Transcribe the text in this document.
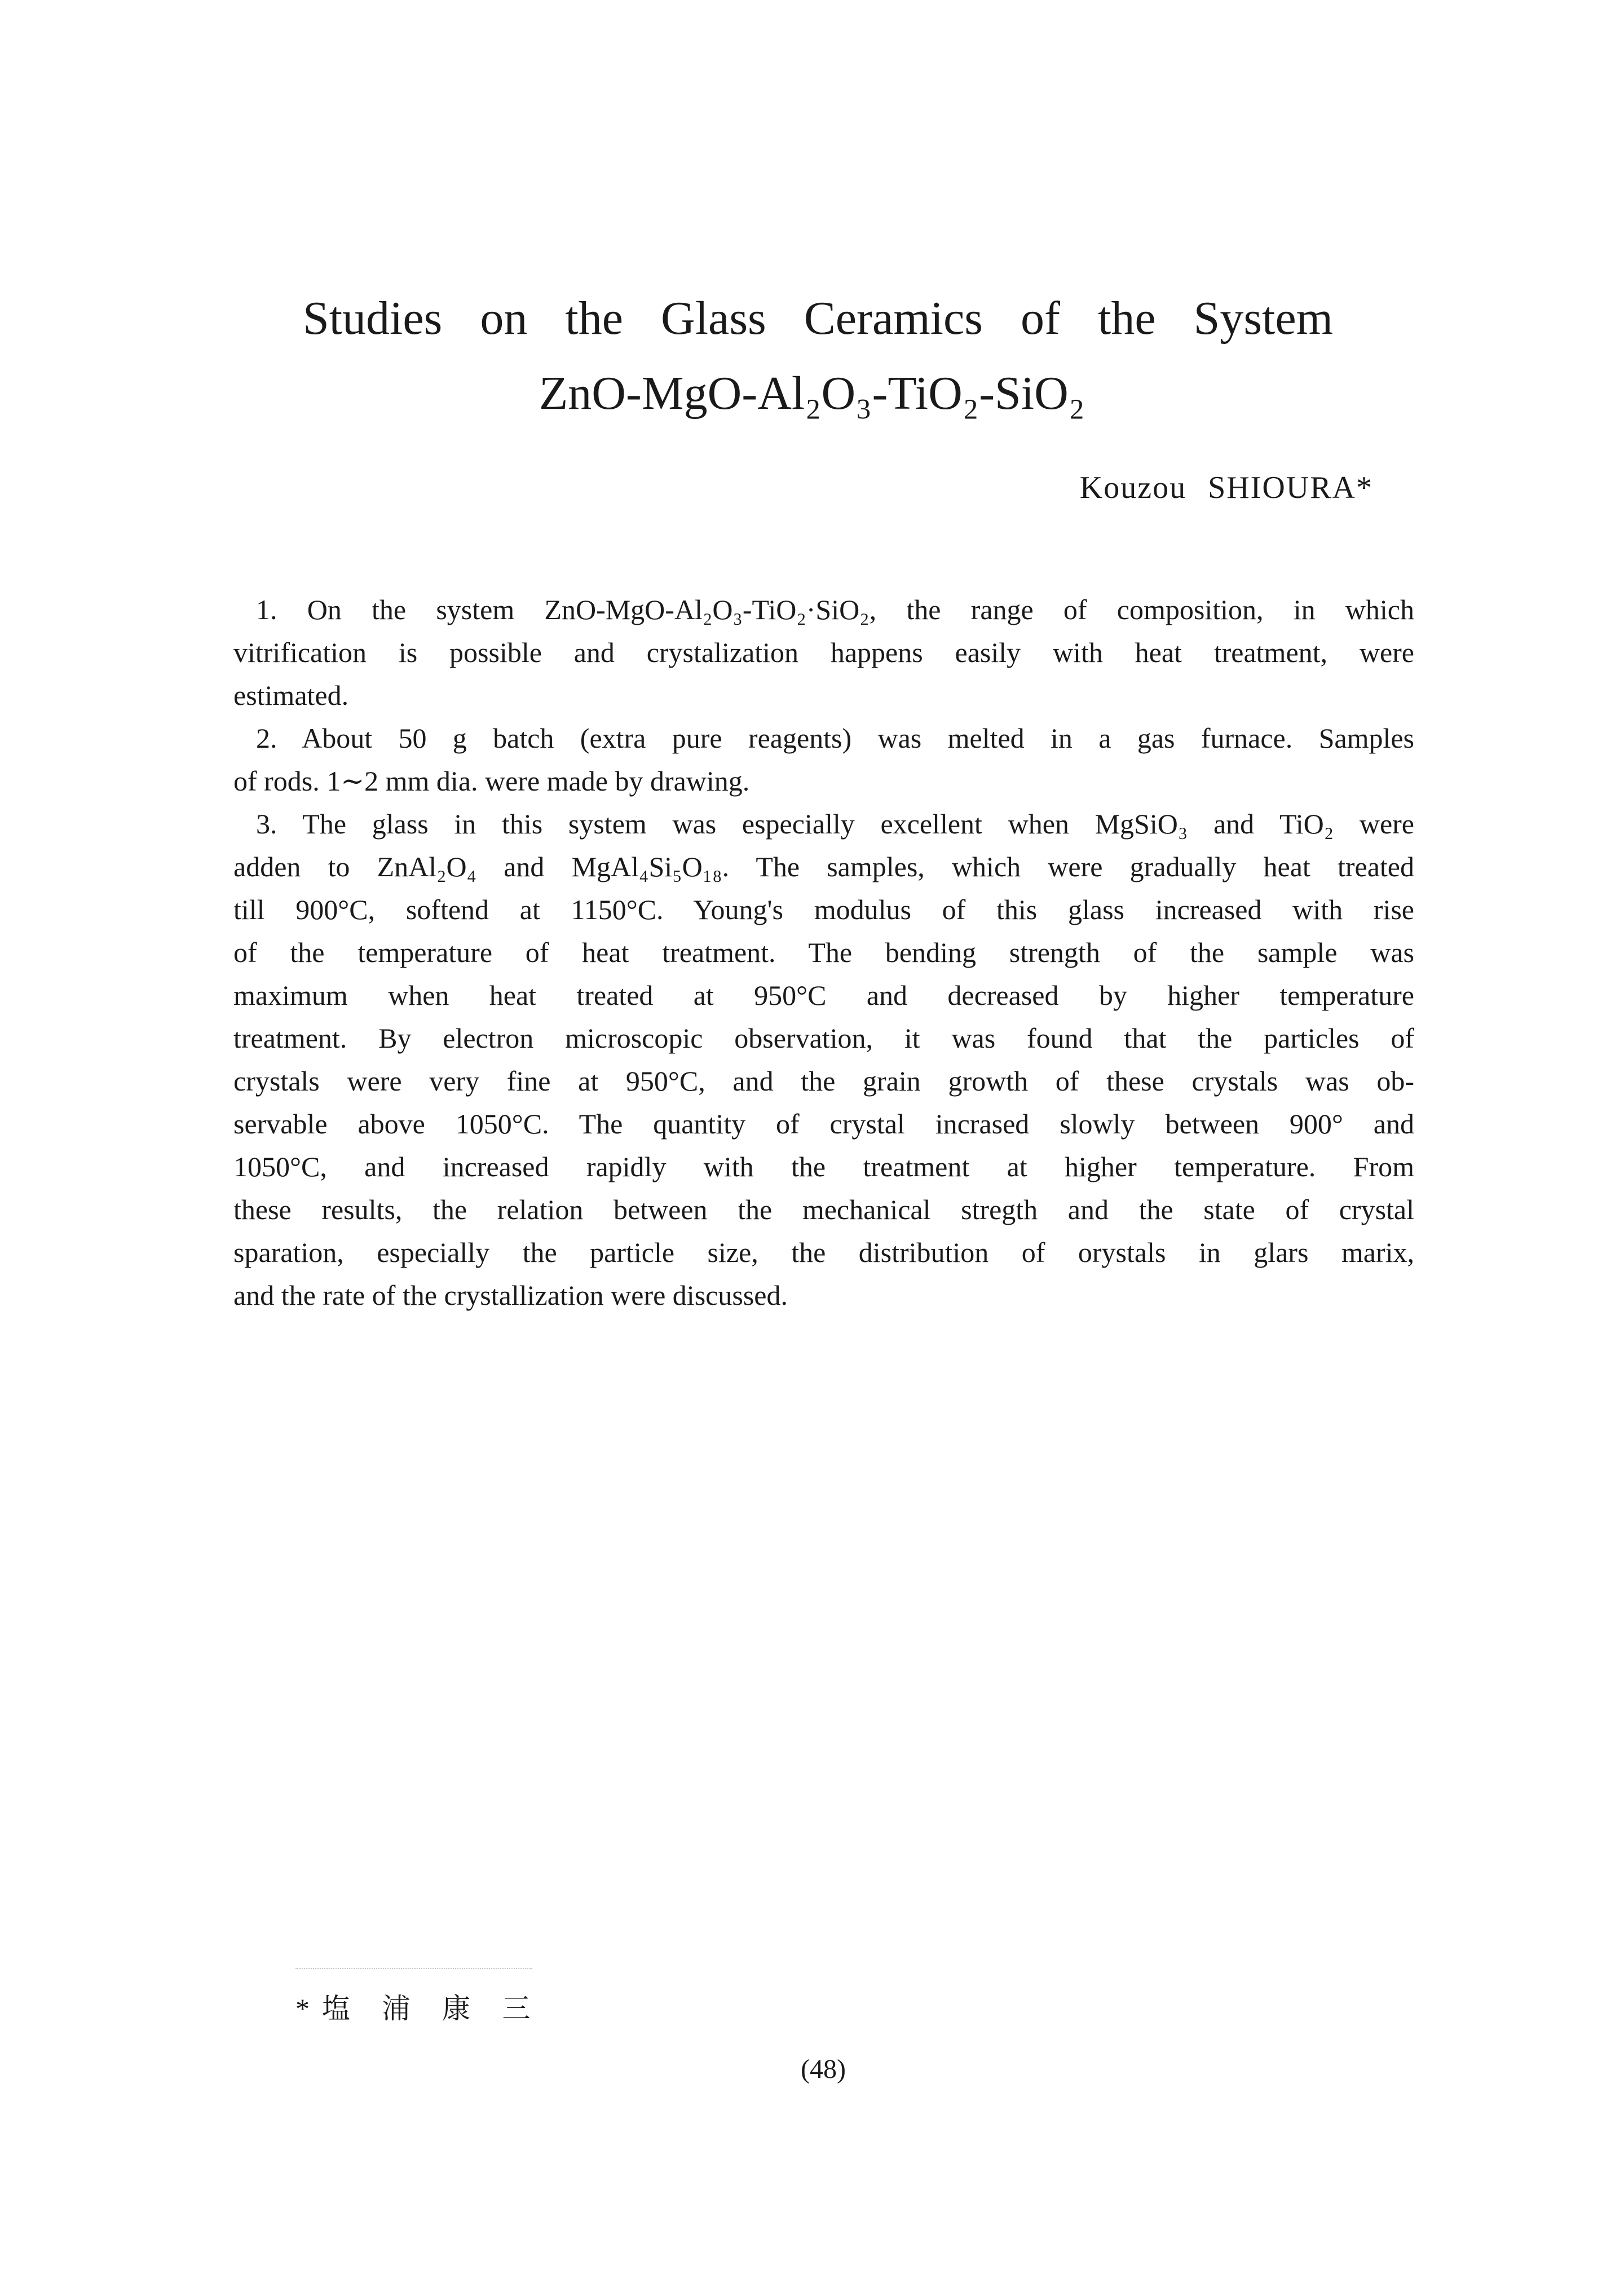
Studies on the Glass Ceramics of the System
ZnO-MgO-Al₂O₃-TiO₂-SiO₂
Kouzou SHIOURA*
1. On the system ZnO-MgO-Al₂O₃-TiO₂·SiO₂, the range of composition, in which
vitrification is possible and crystalization happens easily with heat treatment, were
estimated.
2. About 50 g batch (extra pure reagents) was melted in a gas furnace. Samples
of rods. 1∼2 mm dia. were made by drawing.
3. The glass in this system was especially excellent when MgSiO₃ and TiO₂ were
adden to ZnAl₂O₄ and MgAl₄Si₅O₁₈. The samples, which were gradually heat treated
till 900°C, softend at 1150°C. Young's modulus of this glass increased with rise
of the temperature of heat treatment. The bending strength of the sample was
maximum when heat treated at 950°C and decreased by higher temperature
treatment. By electron microscopic observation, it was found that the particles of
crystals were very fine at 950°C, and the grain growth of these crystals was ob-
servable above 1050°C. The quantity of crystal incrased slowly between 900° and
1050°C, and increased rapidly with the treatment at higher temperature. From
these results, the relation between the mechanical stregth and the state of crystal
sparation, especially the particle size, the distribution of orystals in glars marix,
and the rate of the crystallization were discussed.
*塩 浦 康 三
(48)
